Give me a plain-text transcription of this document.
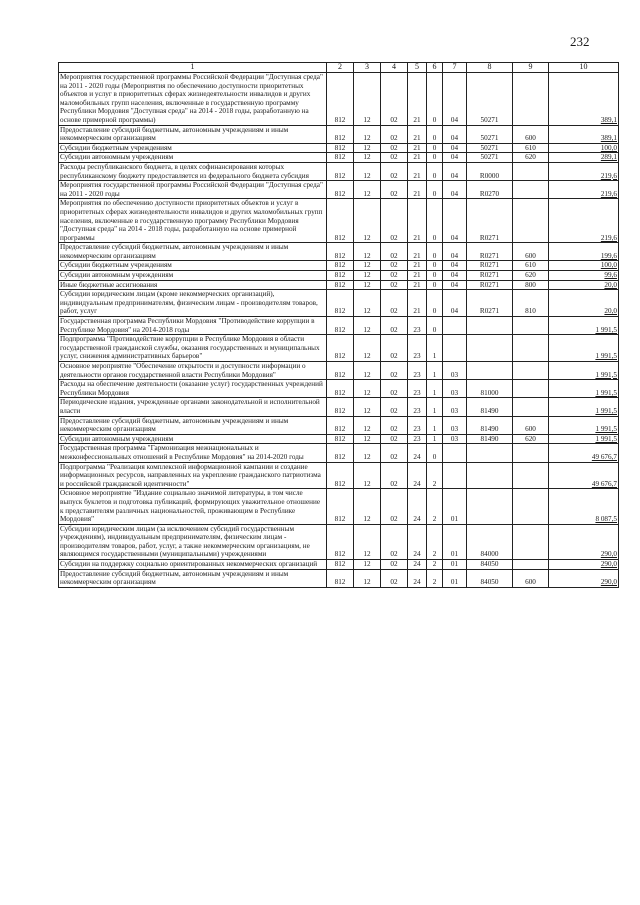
232
1	2	3	4	5	6	7	8	9	10
Мероприятия государственной программы Российской Федерации "Доступная среда" на 2011 - 2020 годы (Мероприятия по обеспечению доступности приоритетных объектов и услуг в приоритетных сферах жизнедеятельности инвалидов и других маломобильных групп населения, включенные в государственную программу Республики Мордовия "Доступная среда" на 2014 - 2018 годы, разработанную на основе примерной программы)	812	12	02	21	0	04	50271		389,1
Предоставление субсидий бюджетным, автономным учреждениям и иным некоммерческим организациям	812	12	02	21	0	04	50271	600	389,1
Субсидии бюджетным учреждениям	812	12	02	21	0	04	50271	610	100,0
Субсидии автономным учреждениям	812	12	02	21	0	04	50271	620	289,1
Расходы республиканского бюджета, в целях софинансирования которых республиканскому бюджету предоставляется из федерального бюджета субсидия	812	12	02	21	0	04	R0000		219,6
Мероприятия государственной программы Российской Федерации "Доступная среда" на 2011 - 2020 годы	812	12	02	21	0	04	R0270		219,6
Мероприятия по обеспечению доступности приоритетных объектов и услуг в приоритетных сферах жизнедеятельности инвалидов и других маломобильных групп населения, включенные в государственную программу Республики Мордовия "Доступная среда" на 2014 - 2018 годы, разработанную на основе примерной программы	812	12	02	21	0	04	R0271		219,6
Предоставление субсидий бюджетным, автономным учреждениям и иным некоммерческим организациям	812	12	02	21	0	04	R0271	600	199,6
Субсидии бюджетным учреждениям	812	12	02	21	0	04	R0271	610	100,0
Субсидии автономным учреждениям	812	12	02	21	0	04	R0271	620	99,6
Иные бюджетные ассигнования	812	12	02	21	0	04	R0271	800	20,0
Субсидии юридическим лицам (кроме некоммерческих организаций), индивидуальным предпринимателям, физическим лицам - производителям товаров, работ, услуг	812	12	02	21	0	04	R0271	810	20,0
Государственная программа Республики Мордовия "Противодействие коррупции в Республике Мордовия" на 2014-2018 годы	812	12	02	23	0				1 991,5
Подпрограмма "Противодействие коррупции в Республике Мордовия в области государственной гражданской службы, оказания государственных и муниципальных услуг, снижения административных барьеров"	812	12	02	23	1				1 991,5
Основное мероприятие "Обеспечение открытости и доступности информации о деятельности органов государственной власти Республики Мордовия"	812	12	02	23	1	03			1 991,5
Расходы на обеспечение деятельности (оказание услуг) государственных учреждений Республики Мордовия	812	12	02	23	1	03	81000		1 991,5
Периодические издания, учрежденные органами законодательной и исполнительной власти	812	12	02	23	1	03	81490		1 991,5
Предоставление субсидий бюджетным, автономным учреждениям и иным некоммерческим организациям	812	12	02	23	1	03	81490	600	1 991,5
Субсидии автономным учреждениям	812	12	02	23	1	03	81490	620	1 991,5
Государственная программа "Гармонизация межнациональных и межконфессиональных отношений в Республике Мордовия" на 2014-2020 годы	812	12	02	24	0				49 676,7
Подпрограмма "Реализация комплексной информационной кампании и создание информационных ресурсов, направленных на укрепление гражданского патриотизма и российской гражданской идентичности"	812	12	02	24	2				49 676,7
Основное мероприятие "Издание социально значимой литературы, в том числе выпуск буклетов и подготовка публикаций, формирующих уважительное отношение к представителям различных национальностей, проживающим в Республике Мордовия"	812	12	02	24	2	01			8 087,5
Субсидии юридическим лицам (за исключением субсидий государственным учреждениям), индивидуальным предпринимателям, физическим лицам - производителям товаров, работ, услуг, а также некоммерческим организациям, не являющимся государственными (муниципальными) учреждениями	812	12	02	24	2	01	84000		290,0
Субсидии на поддержку социально ориентированных некоммерческих организаций	812	12	02	24	2	01	84050		290,0
Предоставление субсидий бюджетным, автономным учреждениям и иным некоммерческим организациям	812	12	02	24	2	01	84050	600	290,0
